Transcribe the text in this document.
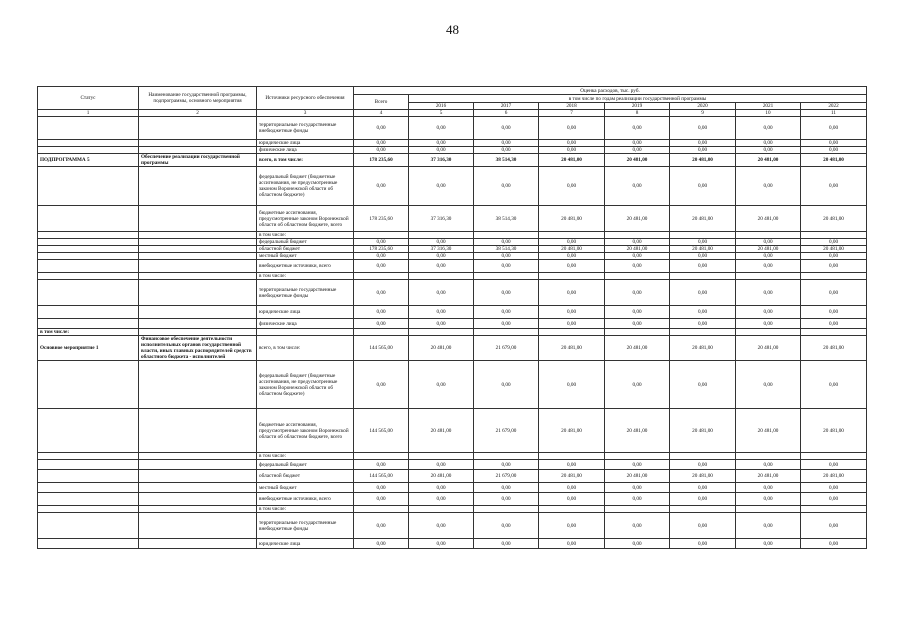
48
Статус	Наименование государственной программы, подпрограммы, основного мероприятия	Источники ресурсного обеспечения	Оценка расходов, тыс. руб.							
			Всего	в том числе по годам реализации государственной программы						
				2016	2017	2018	2019	2020	2021	2022
1	2	3	4	5	6	7	8	9	10	11
		территориальные государственные внебюджетные фонды	0,00	0,00	0,00	0,00	0,00	0,00	0,00	0,00
		юридические лица	0,00	0,00	0,00	0,00	0,00	0,00	0,00	0,00
		физические лица	0,00	0,00	0,00	0,00	0,00	0,00	0,00	0,00
ПОДПРОГРАММА 5	Обеспечение реализации государственной программы	всего, в том числе:	178 235,60	37 316,30	38 514,30	20 481,00	20 481,00	20 481,00	20 481,00	20 481,00
		федеральный бюджет (бюджетные ассигнования, не предусмотренные законом Воронежской области об областном бюджете)	0,00	0,00	0,00	0,00	0,00	0,00	0,00	0,00
		бюджетные ассигнования, предусмотренные законом Воронежской области об областном бюджете, всего	178 235,60	37 316,30	38 514,30	20 481,00	20 481,00	20 481,00	20 481,00	20 481,00
		в том числе:								
		федеральный бюджет	0,00	0,00	0,00	0,00	0,00	0,00	0,00	0,00
		областной бюджет	178 235,60	37 316,30	38 514,30	20 481,00	20 481,00	20 481,00	20 481,00	20 481,00
		местный бюджет	0,00	0,00	0,00	0,00	0,00	0,00	0,00	0,00
		внебюджетные источники, всего	0,00	0,00	0,00	0,00	0,00	0,00	0,00	0,00
		в том числе:								
		территориальные государственные внебюджетные фонды	0,00	0,00	0,00	0,00	0,00	0,00	0,00	0,00
		юридические лица	0,00	0,00	0,00	0,00	0,00	0,00	0,00	0,00
		физические лица	0,00	0,00	0,00	0,00	0,00	0,00	0,00	0,00
в том числе:										
Основное мероприятие 1	Финансовое обеспечение деятельности исполнительных органов государственной власти, иных главных распорядителей средств областного бюджета - исполнителей	всего, в том числе:	144 565,00	20 481,00	21 679,00	20 481,00	20 481,00	20 481,00	20 481,00	20 481,00
		федеральный бюджет (бюджетные ассигнования, не предусмотренные законом Воронежской области об областном бюджете)	0,00	0,00	0,00	0,00	0,00	0,00	0,00	0,00
		бюджетные ассигнования, предусмотренные законом Воронежской области об областном бюджете, всего	144 565,00	20 481,00	21 679,00	20 481,00	20 481,00	20 481,00	20 481,00	20 481,00
		в том числе:								
		федеральный бюджет	0,00	0,00	0,00	0,00	0,00	0,00	0,00	0,00
		областной бюджет	144 565,00	20 481,00	21 679,00	20 481,00	20 481,00	20 481,00	20 481,00	20 481,00
		местный бюджет	0,00	0,00	0,00	0,00	0,00	0,00	0,00	0,00
		внебюджетные источники, всего	0,00	0,00	0,00	0,00	0,00	0,00	0,00	0,00
		в том числе:								
		территориальные государственные внебюджетные фонды	0,00	0,00	0,00	0,00	0,00	0,00	0,00	0,00
		юридические лица	0,00	0,00	0,00	0,00	0,00	0,00	0,00	0,00
